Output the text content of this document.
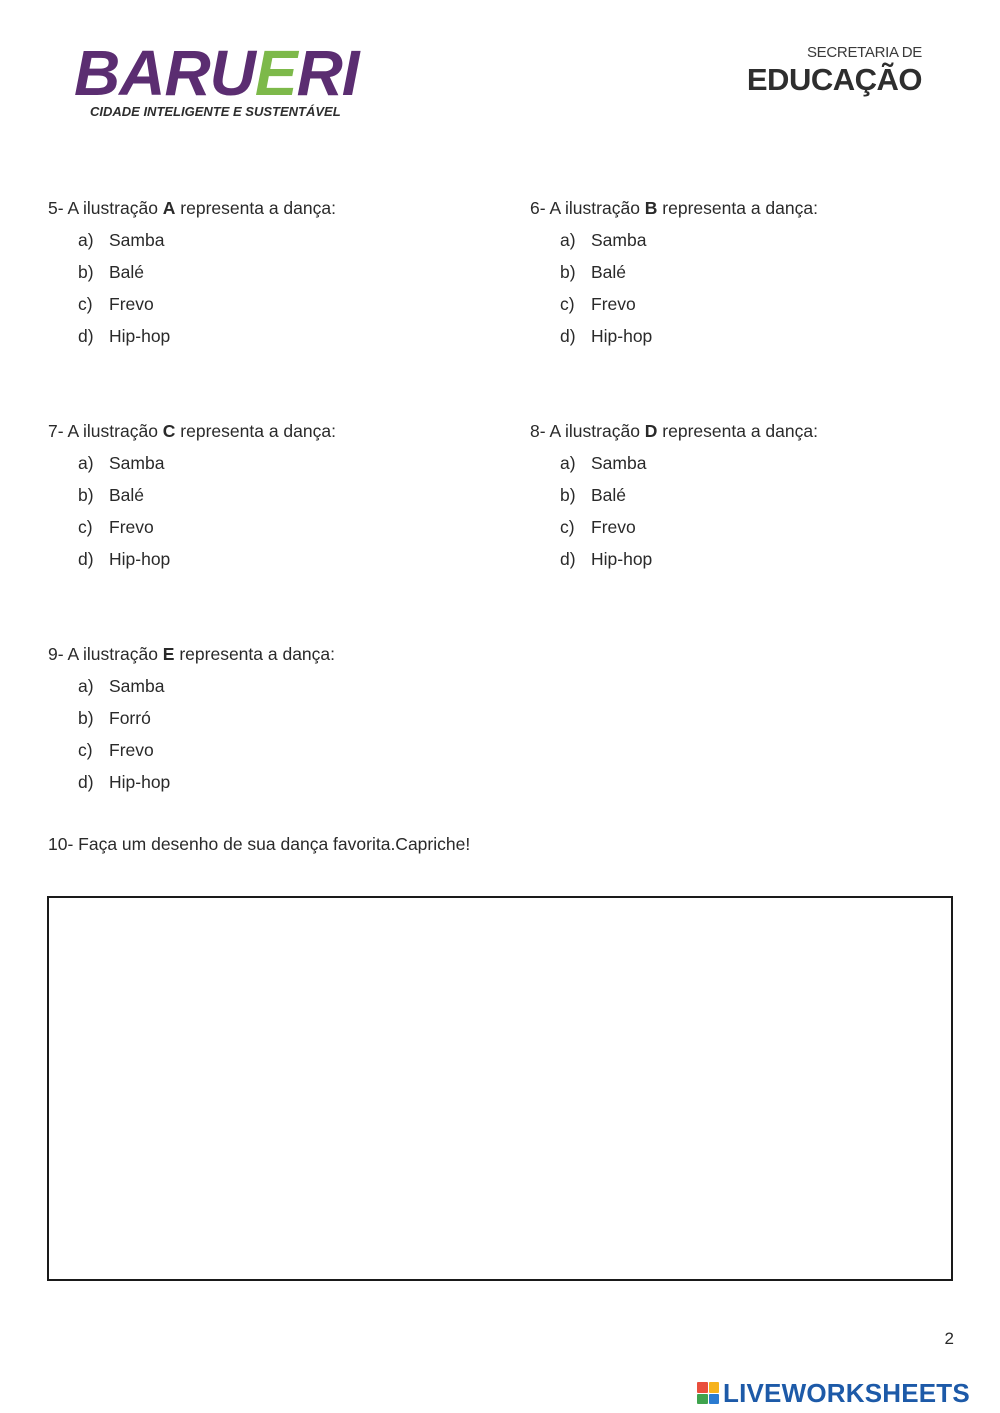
BARUERI
CIDADE INTELIGENTE E SUSTENTÁVEL
SECRETARIA DE
EDUCAÇÃO
5- A ilustração A representa a dança:
a) Samba
b) Balé
c) Frevo
d) Hip-hop
6- A ilustração B representa a dança:
a) Samba
b) Balé
c) Frevo
d) Hip-hop
7- A ilustração C representa a dança:
a) Samba
b) Balé
c) Frevo
d) Hip-hop
8- A ilustração D representa a dança:
a) Samba
b) Balé
c) Frevo
d) Hip-hop
9- A ilustração E representa a dança:
a) Samba
b) Forró
c) Frevo
d) Hip-hop
10- Faça um desenho de sua dança favorita.Capriche!
2
LIVEWORKSHEETS
